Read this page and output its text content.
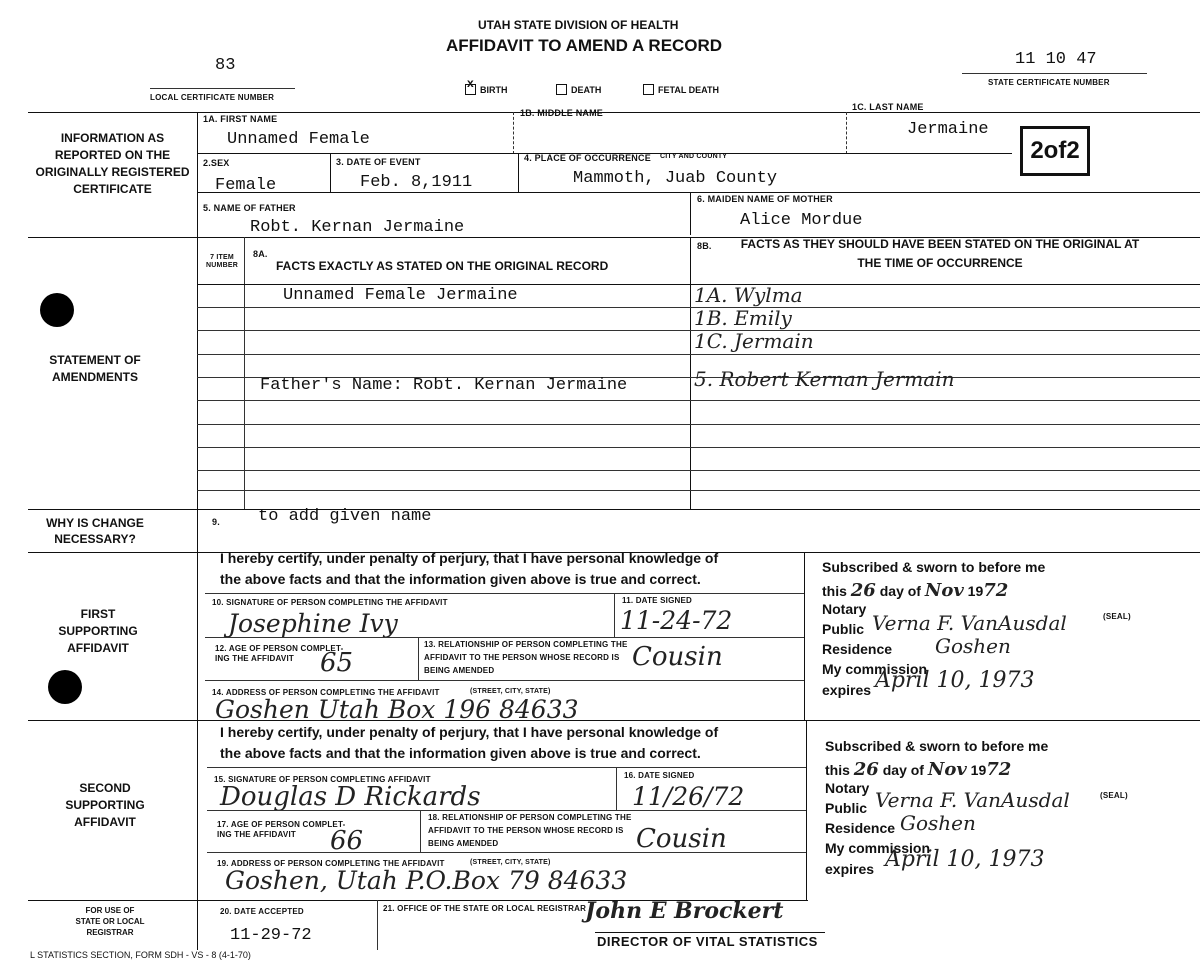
UTAH STATE DIVISION OF HEALTH
AFFIDAVIT TO AMEND A RECORD
83
LOCAL CERTIFICATE NUMBER
11 10 47
STATE CERTIFICATE NUMBER
x BIRTH	DEATH	FETAL DEATH
2of2
INFORMATION AS REPORTED ON THE ORIGINALLY REGISTERED CERTIFICATE
1A. FIRST NAME
Unnamed Female
1B. MIDDLE NAME
1C. LAST NAME
Jermaine
2.SEX
Female
3. DATE OF EVENT
Feb. 8,1911
4. PLACE OF OCCURRENCE CITY AND COUNTY
Mammoth, Juab County
5. NAME OF FATHER
Robt. Kernan Jermaine
6. MAIDEN NAME OF MOTHER
Alice Mordue
STATEMENT OF AMENDMENTS
7 ITEM NUMBER
8A.
FACTS EXACTLY AS STATED ON THE ORIGINAL RECORD
8B.	FACTS AS THEY SHOULD HAVE BEEN STATED ON THE ORIGINAL AT THE TIME OF OCCURRENCE
Unnamed Female Jermaine	1A. Wylma
1B. Emily
1C. Jermain
Father's Name: Robt. Kernan Jermaine	5. Robert Kernan Jermain
WHY IS CHANGE NECESSARY?
9. to add given name
FIRST SUPPORTING AFFIDAVIT
I hereby certify, under penalty of perjury, that I have personal knowledge of
the above facts and that the information given above is true and correct.
10. SIGNATURE OF PERSON COMPLETING THE AFFIDAVIT
Josephine Ivy
11. DATE SIGNED
11-24-72
12. AGE OF PERSON COMPLET-
ING THE AFFIDAVIT 65
13. RELATIONSHIP OF PERSON COMPLETING THE
AFFIDAVIT TO THE PERSON WHOSE RECORD IS
BEING AMENDED	Cousin
14. ADDRESS OF PERSON COMPLETING THE AFFIDAVIT	(STREET, CITY, STATE)
Goshen Utah Box 196 84633
Subscribed & sworn to before me
this 26 day of Nov 1972
Notary
Public Verna F. VanAusdal	(SEAL)
Residence Goshen
My commission
expires April 10, 1973
SECOND SUPPORTING AFFIDAVIT
I hereby certify, under penalty of perjury, that I have personal knowledge of
the above facts and that the information given above is true and correct.
15. SIGNATURE OF PERSON COMPLETING AFFIDAVIT
Douglas D Rickards
16. DATE SIGNED
11/26/72
17. AGE OF PERSON COMPLET-
ING THE AFFIDAVIT 66
18. RELATIONSHIP OF PERSON COMPLETING THE
AFFIDAVIT TO THE PERSON WHOSE RECORD IS
BEING AMENDED	Cousin
19. ADDRESS OF PERSON COMPLETING THE AFFIDAVIT	(STREET, CITY, STATE)
Goshen, Utah P.O.Box 79 84633
Subscribed & sworn to before me
this 26 day of Nov 1972
Notary
Public Verna F. VanAusdal	(SEAL)
Residence Goshen
My commission
expires April 10, 1973
FOR USE OF
STATE OR LOCAL
REGISTRAR
20. DATE ACCEPTED
11-29-72
21. OFFICE OF THE STATE OR LOCAL REGISTRAR
John E Brockert
DIRECTOR OF VITAL STATISTICS
L STATISTICS SECTION, FORM SDH - VS - 8 (4-1-70)
